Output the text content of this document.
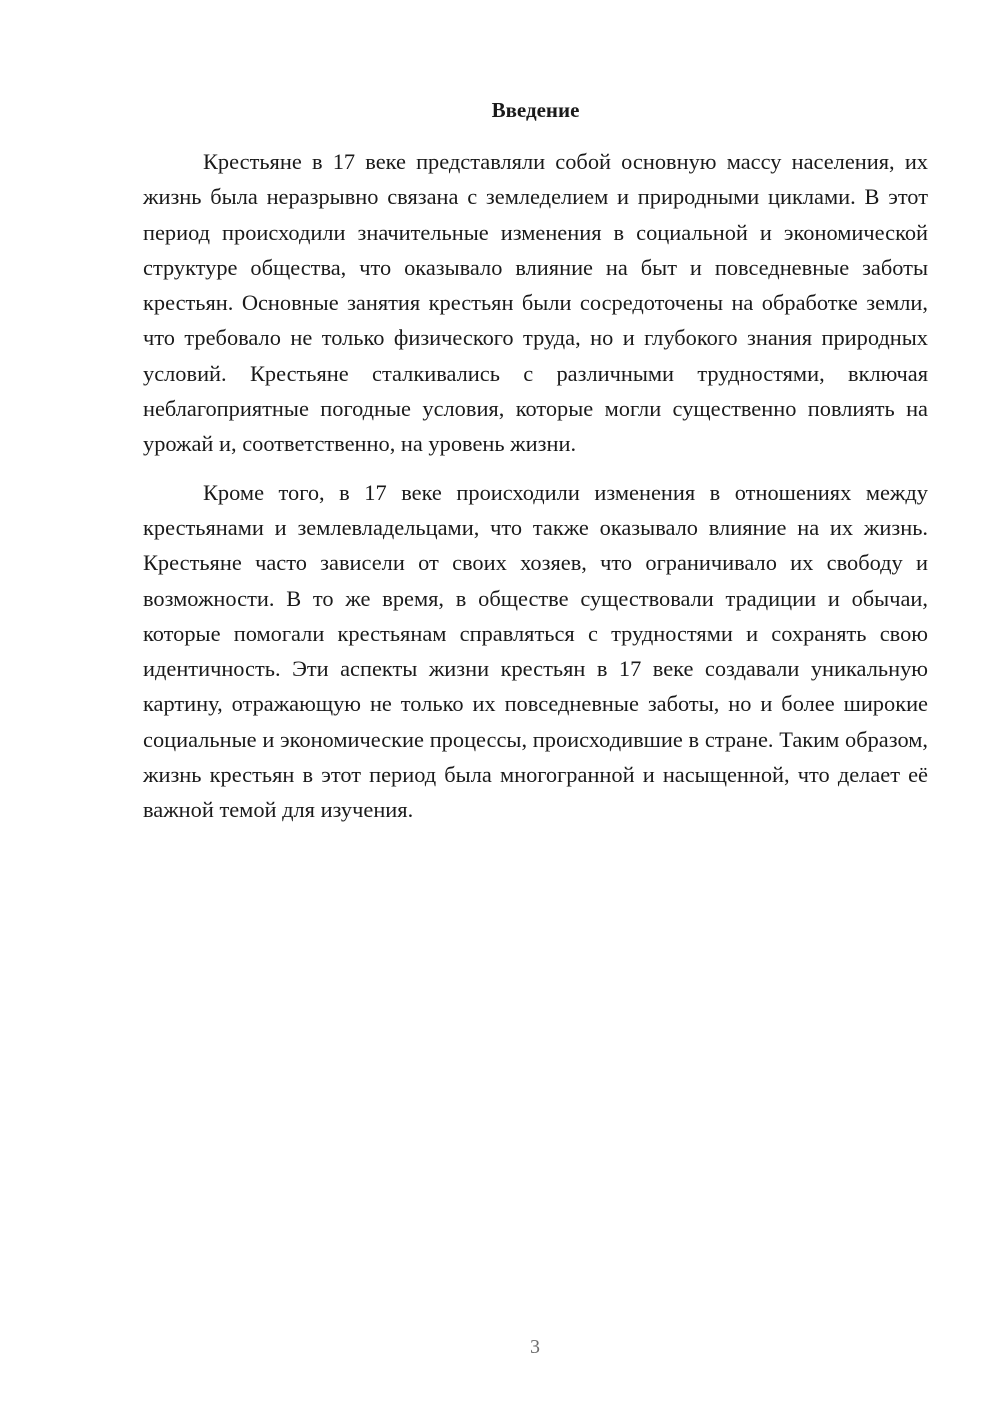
Введение

Крестьяне в 17 веке представляли собой основную массу населения, их жизнь была неразрывно связана с земледелием и природными циклами. В этот период происходили значительные изменения в социальной и экономической структуре общества, что оказывало влияние на быт и повседневные заботы крестьян. Основные занятия крестьян были сосредоточены на обработке земли, что требовало не только физического труда, но и глубокого знания природных условий. Крестьяне сталкивались с различными трудностями, включая неблагоприятные погодные условия, которые могли существенно повлиять на урожай и, соответственно, на уровень жизни.

Кроме того, в 17 веке происходили изменения в отношениях между крестьянами и землевладельцами, что также оказывало влияние на их жизнь. Крестьяне часто зависели от своих хозяев, что ограничивало их свободу и возможности. В то же время, в обществе существовали традиции и обычаи, которые помогали крестьянам справляться с трудностями и сохранять свою идентичность. Эти аспекты жизни крестьян в 17 веке создавали уникальную картину, отражающую не только их повседневные заботы, но и более широкие социальные и экономические процессы, происходившие в стране. Таким образом, жизнь крестьян в этот период была многогранной и насыщенной, что делает её важной темой для изучения.

3
